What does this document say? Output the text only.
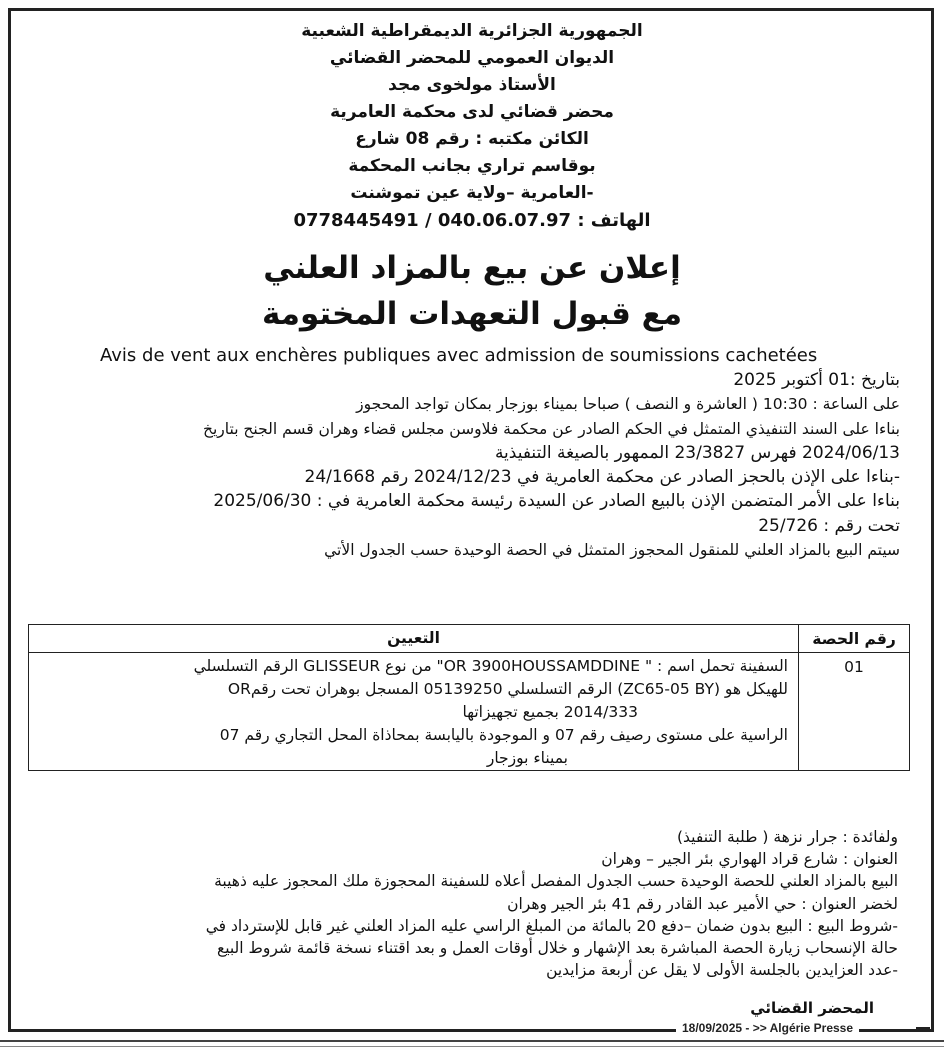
الجمهورية الجزائرية الديمقراطية الشعبية

الديوان العمومي للمحضر القضائي

الأستاذ مولخوى مجد

محضر قضائي لدى محكمة العامرية

الكائن مكتبه : رقم 08 شارع

بوقاسم تراري بجانب المحكمة

-العامرية –ولاية عين تموشنت

الهاتف : 040.06.07.97 / 0778445491

إعلان عن بيع بالمزاد العلني
مع قبول التعهدات المختومة
Avis de vent aux enchères publiques avec admission de soumissions cachetées

بتاريخ :01 أكتوبر 2025

على الساعة : 10:30 ( العاشرة و النصف ) صباحا بميناء بوزجار بمكان تواجد المحجوز

بناءا على السند التنفيذي المتمثل في الحكم الصادر عن محكمة فلاوسن مجلس قضاء وهران قسم الجنح بتاريخ

2024/06/13 فهرس 23/3827 الممهور بالصيغة التنفيذية

-بناءا على الإذن بالحجز الصادر عن محكمة العامرية في 2024/12/23 رقم 24/1668

بناءا على الأمر المتضمن الإذن بالبيع الصادر عن السيدة رئيسة محكمة العامرية في : 2025/06/30

تحت رقم : 25/726

سيتم البيع بالمزاد العلني للمنقول المحجوز المتمثل في الحصة الوحيدة حسب الجدول الأتي

رقم الحصة	التعيين
01	السفينة تحمل اسم : " OR 3900HOUSSAMDDINE" من نوع GLISSEUR الرقم التسلسلي
للهيكل هو (ZC65-05 BY) الرقم التسلسلي 05139250 المسجل بوهران تحت رقمOR
2014/333 بجميع تجهيزاتها
الراسية على مستوى رصيف رقم 07 و الموجودة باليابسة بمحاذاة المحل التجاري رقم 07
بميناء بوزجار

ولفائدة : جرار نزهة ( طلبة التنفيذ)

العنوان : شارع قراد الهواري بئر الجير – وهران

البيع بالمزاد العلني للحصة الوحيدة حسب الجدول المفصل أعلاه للسفينة المحجوزة ملك المحجوز عليه ذهيبة

لخضر العنوان : حي الأمير عبد القادر رقم 41 بئر الجير وهران

-شروط البيع : البيع بدون ضمان –دفع 20 بالمائة من المبلغ الراسي عليه المزاد العلني غير قابل للإسترداد في

حالة الإنسحاب زيارة الحصة المباشرة بعد الإشهار و خلال أوقات العمل و بعد اقتناء نسخة قائمة شروط البيع

-عدد العزايدين بالجلسة الأولى لا يقل عن أربعة مزايدين

المحضر القضائي
18/09/2025 - >> Algérie Presse
